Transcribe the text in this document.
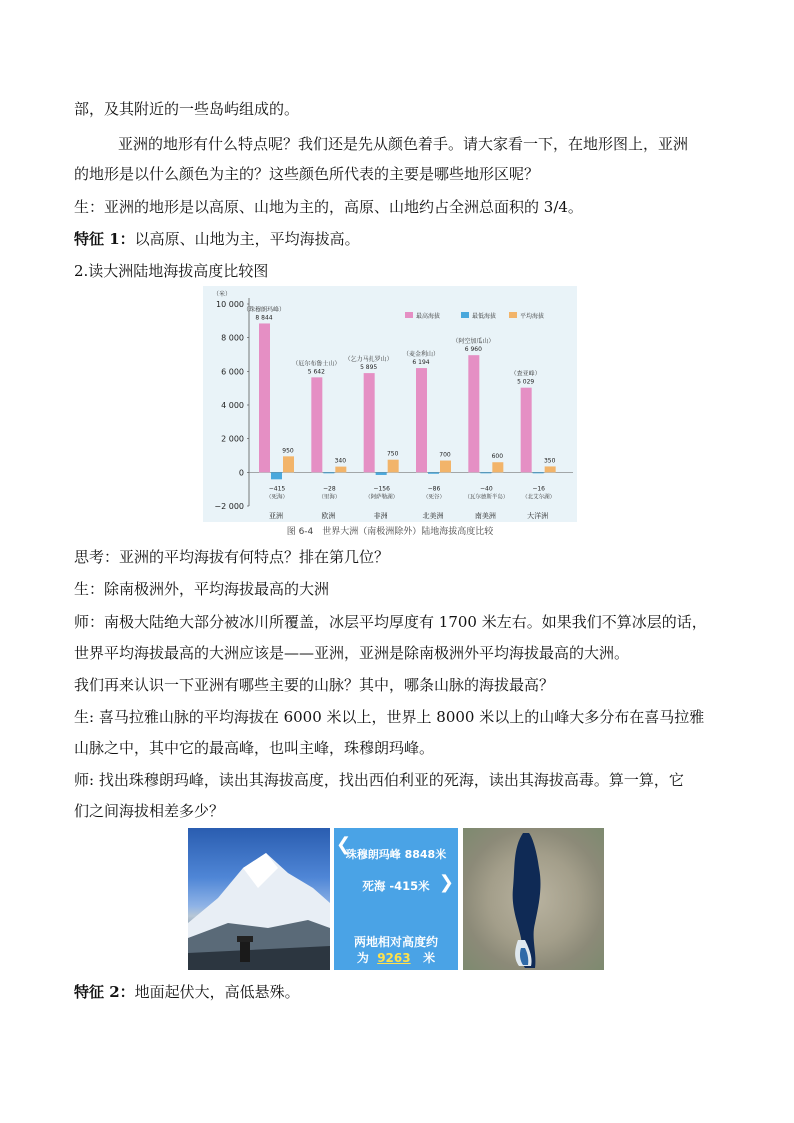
部，及其附近的一些岛屿组成的。
亚洲的地形有什么特点呢？我们还是先从颜色着手。请大家看一下，在地形图上，亚洲
的地形是以什么颜色为主的？这些颜色所代表的主要是哪些地形区呢？
生：亚洲的地形是以高原、山地为主的，高原、山地约占全洲总面积的 3/4。
特征 1：以高原、山地为主，平均海拔高。
2.读大洲陆地海拔高度比较图
（米）
−2 000
0
2 000
4 000
6 000
8 000
10 000
最高海拔	最低海拔	平均海拔
8 844
（珠穆朗玛峰）
−415
（死海）
950
亚洲
5 642
（厄尔布鲁士山）
−28
（里海）
340
欧洲
5 895
（乞力马扎罗山）
−156
（阿萨勒湖）
750
非洲
6 194
（麦金利山）
−86
（死谷）
700
北美洲
6 960
（阿空加瓜山）
−40
（瓦尔德斯半岛）
600
南美洲
5 029
（查亚峰）
−16
（北艾尔湖）
350
大洋洲
图 6-4　世界大洲（南极洲除外）陆地海拔高度比较
思考：亚洲的平均海拔有何特点？排在第几位？
生：除南极洲外，平均海拔最高的大洲
师：南极大陆绝大部分被冰川所覆盖，冰层平均厚度有 1700 米左右。如果我们不算冰层的话，
世界平均海拔最高的大洲应该是——亚洲，亚洲是除南极洲外平均海拔最高的大洲。
我们再来认识一下亚洲有哪些主要的山脉？其中，哪条山脉的海拔最高？
生: 喜马拉雅山脉的平均海拔在 6000 米以上，世界上 8000 米以上的山峰大多分布在喜马拉雅
山脉之中，其中它的最高峰，也叫主峰，珠穆朗玛峰。
师: 找出珠穆朗玛峰，读出其海拔高度，找出西伯利亚的死海，读出其海拔高毒。算一算，它
们之间海拔相差多少？
❮
珠穆朗玛峰 8848米
死海 -415米 ❯
两地相对高度约
为 9263 米
特征 2：地面起伏大，高低悬殊。
